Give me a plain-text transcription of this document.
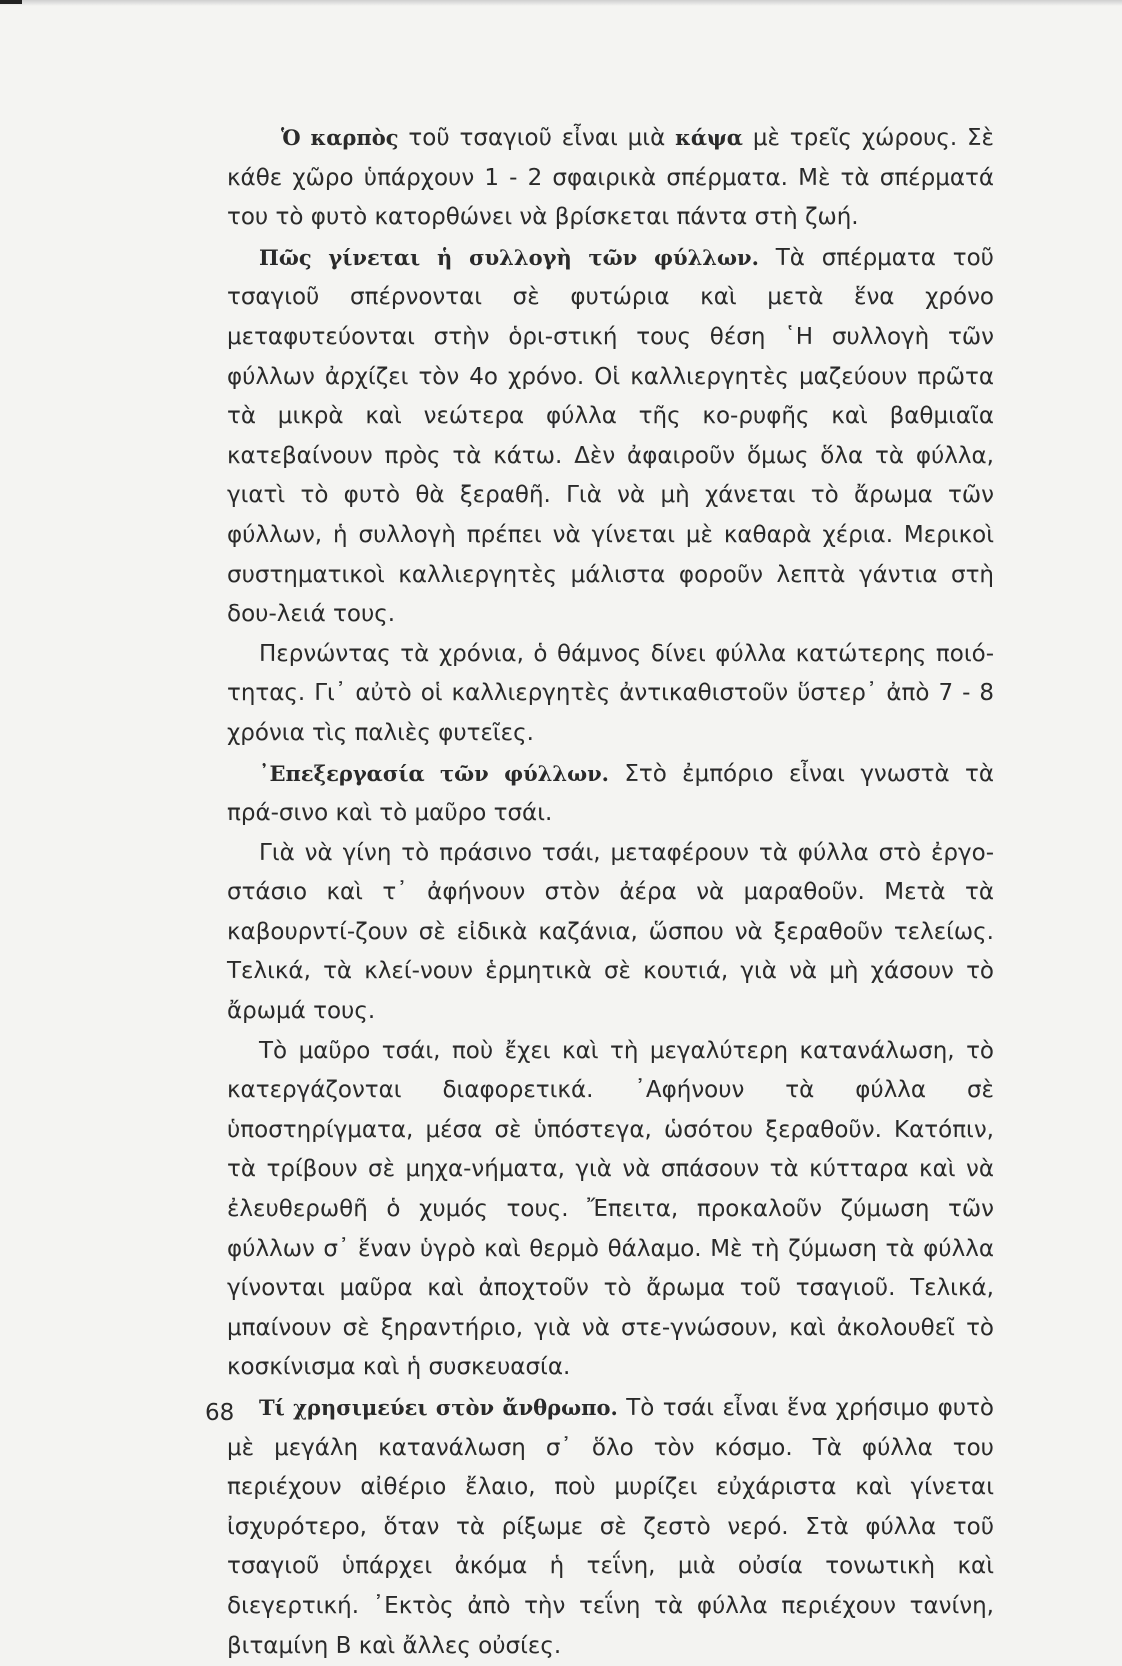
Ὁ καρπὸς τοῦ τσαγιοῦ εἶναι μιὰ κάψα μὲ τρεῖς χώρους. Σὲ κάθε χῶρο ὑπάρχουν 1 - 2 σφαιρικὰ σπέρματα. Μὲ τὰ σπέρματά του τὸ φυτὸ κατορθώνει νὰ βρίσκεται πάντα στὴ ζωή.

Πῶς γίνεται ἡ συλλογὴ τῶν φύλλων. Τὰ σπέρματα τοῦ τσαγιοῦ σπέρνονται σὲ φυτώρια καὶ μετὰ ἕνα χρόνο μεταφυτεύονται στὴν ὁρι-στική τους θέση ῾Η συλλογὴ τῶν φύλλων ἀρχίζει τὸν 4ο χρόνο. Οἱ καλλιεργητὲς μαζεύουν πρῶτα τὰ μικρὰ καὶ νεώτερα φύλλα τῆς κο-ρυφῆς καὶ βαθμιαῖα κατεβαίνουν πρὸς τὰ κάτω. Δὲν ἀφαιροῦν ὅμως ὅλα τὰ φύλλα, γιατὶ τὸ φυτὸ θὰ ξεραθῆ. Γιὰ νὰ μὴ χάνεται τὸ ἄρωμα τῶν φύλλων, ἡ συλλογὴ πρέπει νὰ γίνεται μὲ καθαρὰ χέρια. Μερικοὶ συστηματικοὶ καλλιεργητὲς μάλιστα φοροῦν λεπτὰ γάντια στὴ δου-λειά τους.

Περνώντας τὰ χρόνια, ὁ θάμνος δίνει φύλλα κατώτερης ποιό-τητας. Γι᾿ αὐτὸ οἱ καλλιεργητὲς ἀντικαθιστοῦν ὕστερ᾿ ἀπὸ 7 - 8 χρόνια τὶς παλιὲς φυτεῖες.

᾿Επεξεργασία τῶν φύλλων. Στὸ ἐμπόριο εἶναι γνωστὰ τὰ πρά-σινο καὶ τὸ μαῦρο τσάι.

Γιὰ νὰ γίνη τὸ πράσινο τσάι, μεταφέρουν τὰ φύλλα στὸ ἐργο-στάσιο καὶ τ᾿ ἀφήνουν στὸν ἀέρα νὰ μαραθοῦν. Μετὰ τὰ καβουρντί-ζουν σὲ εἰδικὰ καζάνια, ὥσπου νὰ ξεραθοῦν τελείως. Τελικά, τὰ κλεί-νουν ἑρμητικὰ σὲ κουτιά, γιὰ νὰ μὴ χάσουν τὸ ἄρωμά τους.

Τὸ μαῦρο τσάι, ποὺ ἔχει καὶ τὴ μεγαλύτερη κατανάλωση, τὸ κατεργάζονται διαφορετικά. ᾿Αφήνουν τὰ φύλλα σὲ ὑποστηρίγματα, μέσα σὲ ὑπόστεγα, ὡσότου ξεραθοῦν. Κατόπιν, τὰ τρίβουν σὲ μηχα-νήματα, γιὰ νὰ σπάσουν τὰ κύτταρα καὶ νὰ ἐλευθερωθῆ ὁ χυμός τους. Ἔπειτα, προκαλοῦν ζύμωση τῶν φύλλων σ᾿ ἕναν ὑγρὸ καὶ θερμὸ θάλαμο. Μὲ τὴ ζύμωση τὰ φύλλα γίνονται μαῦρα καὶ ἀποχτοῦν τὸ ἄρωμα τοῦ τσαγιοῦ. Τελικά, μπαίνουν σὲ ξηραντήριο, γιὰ νὰ στε-γνώσουν, καὶ ἀκολουθεῖ τὸ κοσκίνισμα καὶ ἡ συσκευασία.

Τί χρησιμεύει στὸν ἄνθρωπο. Τὸ τσάι εἶναι ἕνα χρήσιμο φυτὸ μὲ μεγάλη κατανάλωση σ᾿ ὅλο τὸν κόσμο. Τὰ φύλλα του περιέχουν αἰθέριο ἔλαιο, ποὺ μυρίζει εὐχάριστα καὶ γίνεται ἰσχυρότερο, ὅταν τὰ ρίξωμε σὲ ζεστὸ νερό. Στὰ φύλλα τοῦ τσαγιοῦ ὑπάρχει ἀκόμα ἡ τεΐνη, μιὰ οὐσία τονωτικὴ καὶ διεγερτική. ᾿Εκτὸς ἀπὸ τὴν τεΐνη τὰ φύλλα περιέχουν τανίνη, βιταμίνη Β καὶ ἄλλες οὐσίες.

68
